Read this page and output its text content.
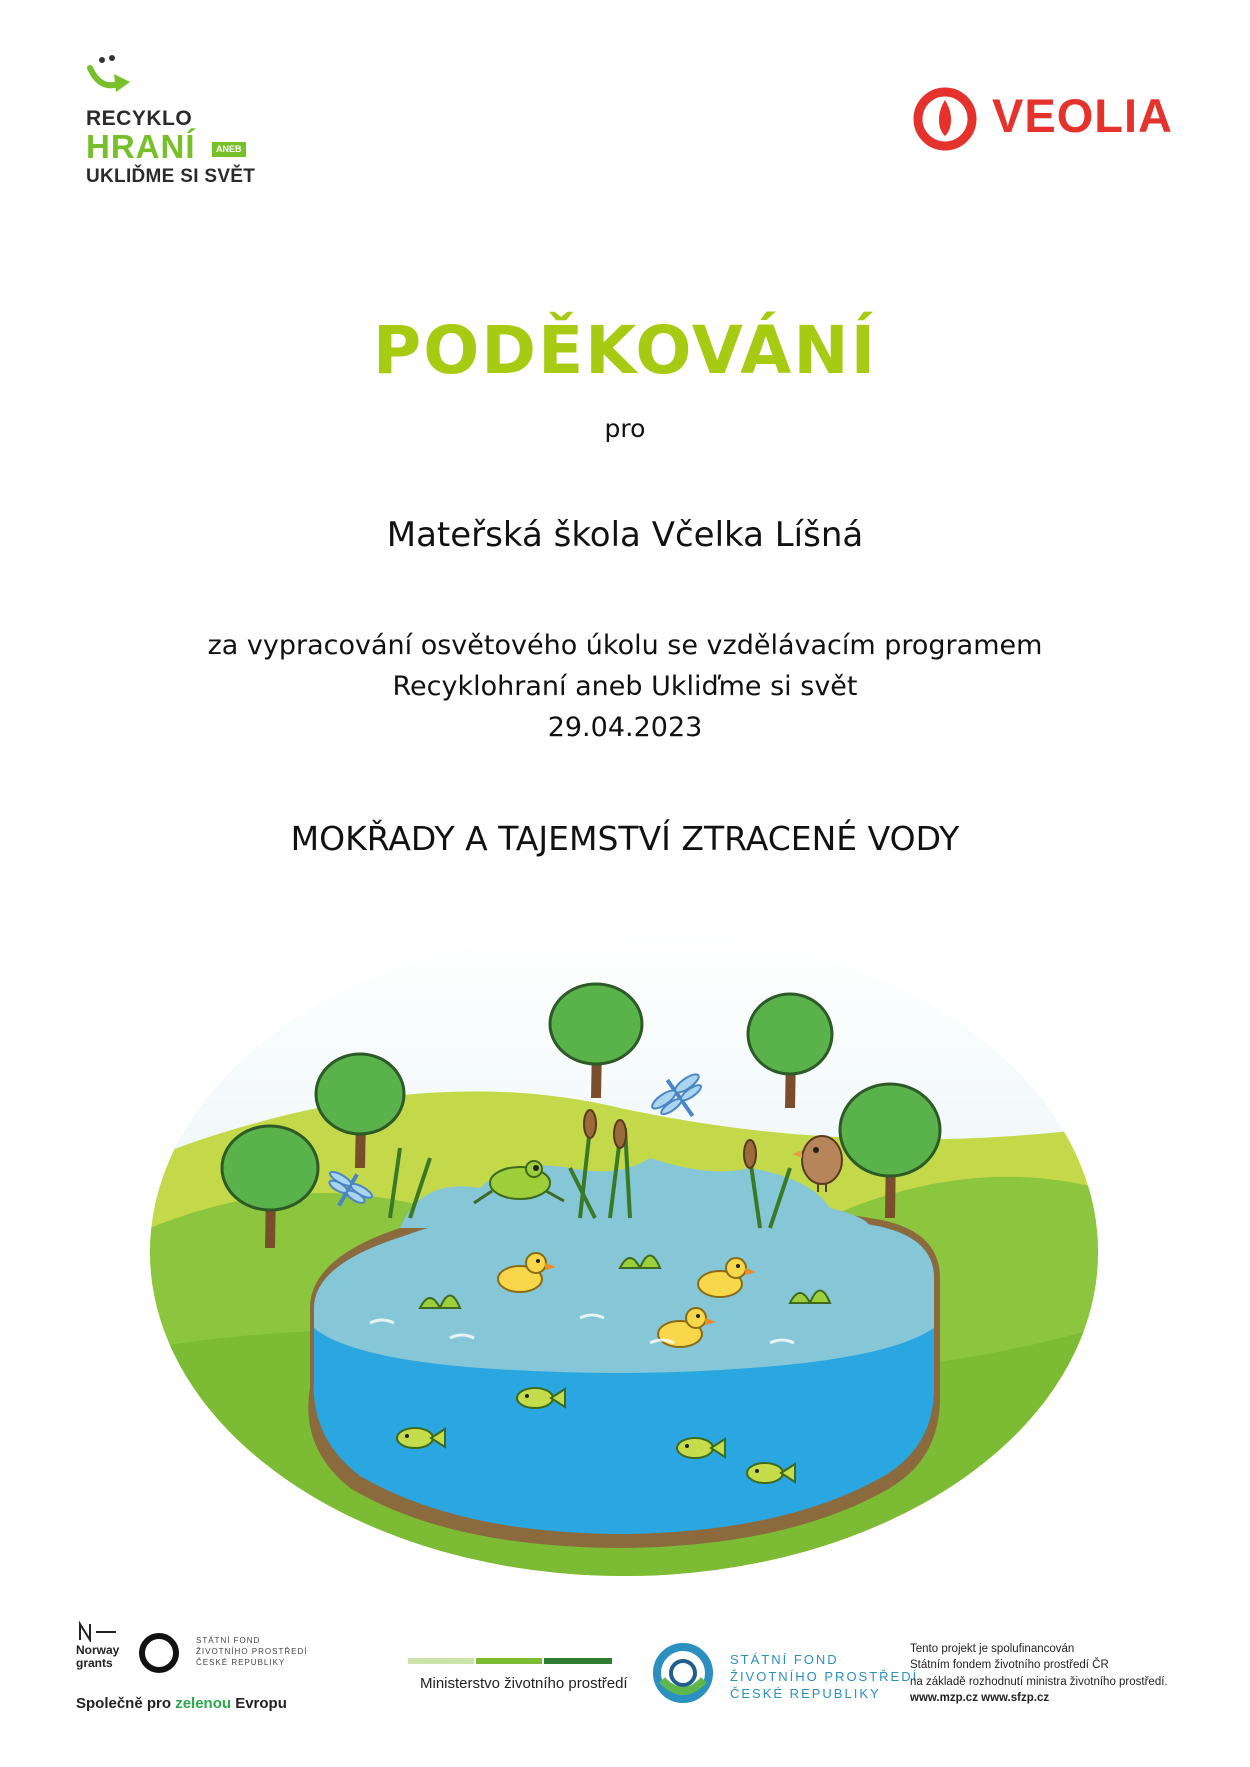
RECYKLO
HRANÍ	ANEB
UKLIĎME SI SVĚT
VEOLIA
PODĚKOVÁNÍ
pro
Mateřská škola Včelka Líšná
za vypracování osvětového úkolu se vzdělávacím programem
Recyklohraní aneb Ukliďme si svět
29.04.2023
MOKŘADY A TAJEMSTVÍ ZTRACENÉ VODY
Norway grants
STÁTNÍ FOND
ŽIVOTNÍHO PROSTŘEDÍ
ČESKÉ REPUBLIKY
Společně pro zelenou Evropu
Ministerstvo životního prostředí
STÁTNÍ FOND
ŽIVOTNÍHO PROSTŘEDÍ
ČESKÉ REPUBLIKY
Tento projekt je spolufinancován
Státním fondem životního prostředí ČR
na základě rozhodnutí ministra životního prostředí.
www.mzp.cz www.sfzp.cz
